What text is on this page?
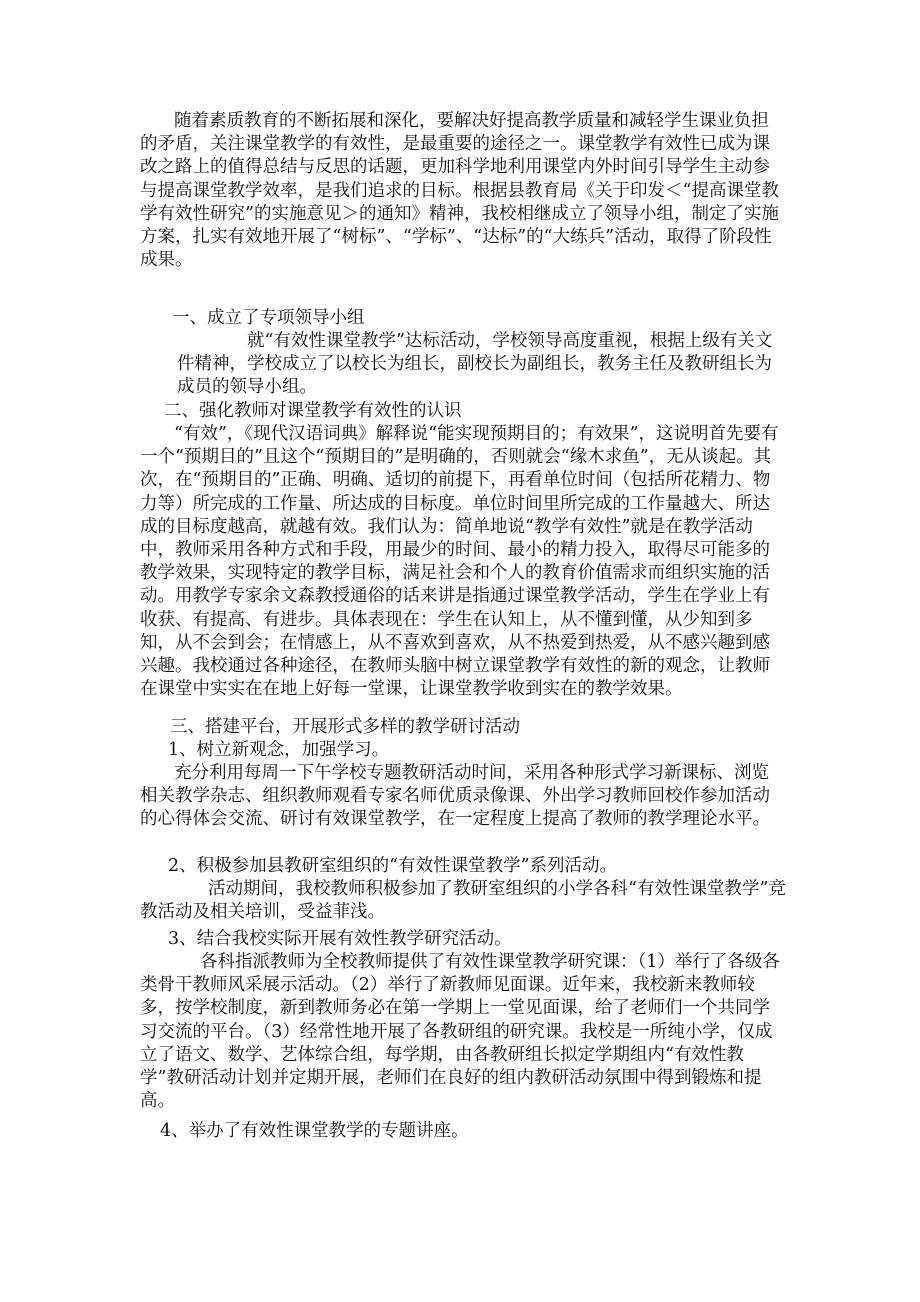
随着素质教育的不断拓展和深化，要解决好提高教学质量和减轻学生课业负担的矛盾，关注课堂教学的有效性，是最重要的途径之一。课堂教学有效性已成为课改之路上的值得总结与反思的话题，更加科学地利用课堂内外时间引导学生主动参与提高课堂教学效率，是我们追求的目标。根据县教育局《关于印发＜“提高课堂教学有效性研究”的实施意见＞的通知》精神，我校相继成立了领导小组，制定了实施方案，扎实有效地开展了“树标”、“学标”、“达标”的“大练兵”活动，取得了阶段性成果。
一、成立了专项领导小组
就“有效性课堂教学”达标活动，学校领导高度重视，根据上级有关文件精神，学校成立了以校长为组长，副校长为副组长，教务主任及教研组长为成员的领导小组。
二、强化教师对课堂教学有效性的认识
“有效”，《现代汉语词典》解释说“能实现预期目的；有效果”，这说明首先要有一个“预期目的”且这个“预期目的”是明确的，否则就会“缘木求鱼”，无从谈起。其次，在“预期目的”正确、明确、适切的前提下，再看单位时间（包括所花精力、物力等）所完成的工作量、所达成的目标度。单位时间里所完成的工作量越大、所达成的目标度越高，就越有效。我们认为：简单地说“教学有效性”就是在教学活动中，教师采用各种方式和手段，用最少的时间、最小的精力投入，取得尽可能多的教学效果，实现特定的教学目标，满足社会和个人的教育价值需求而组织实施的活动。用教学专家余文森教授通俗的话来讲是指通过课堂教学活动，学生在学业上有收获、有提高、有进步。具体表现在：学生在认知上，从不懂到懂，从少知到多知，从不会到会；在情感上，从不喜欢到喜欢，从不热爱到热爱，从不感兴趣到感兴趣。我校通过各种途径，在教师头脑中树立课堂教学有效性的新的观念，让教师在课堂中实实在在地上好每一堂课，让课堂教学收到实在的教学效果。
三、搭建平台，开展形式多样的教学研讨活动
1、树立新观念，加强学习。
充分利用每周一下午学校专题教研活动时间，采用各种形式学习新课标、浏览相关教学杂志、组织教师观看专家名师优质录像课、外出学习教师回校作参加活动的心得体会交流、研讨有效课堂教学，在一定程度上提高了教师的教学理论水平。
2、积极参加县教研室组织的“有效性课堂教学”系列活动。
活动期间，我校教师积极参加了教研室组织的小学各科“有效性课堂教学”竞教活动及相关培训，受益菲浅。
3、结合我校实际开展有效性教学研究活动。
各科指派教师为全校教师提供了有效性课堂教学研究课：（1）举行了各级各类骨干教师风采展示活动。（2）举行了新教师见面课。近年来，我校新来教师较多，按学校制度，新到教师务必在第一学期上一堂见面课，给了老师们一个共同学习交流的平台。（3）经常性地开展了各教研组的研究课。我校是一所纯小学，仅成立了语文、数学、艺体综合组，每学期，由各教研组长拟定学期组内“有效性教学”教研活动计划并定期开展，老师们在良好的组内教研活动氛围中得到锻炼和提高。
4、举办了有效性课堂教学的专题讲座。
